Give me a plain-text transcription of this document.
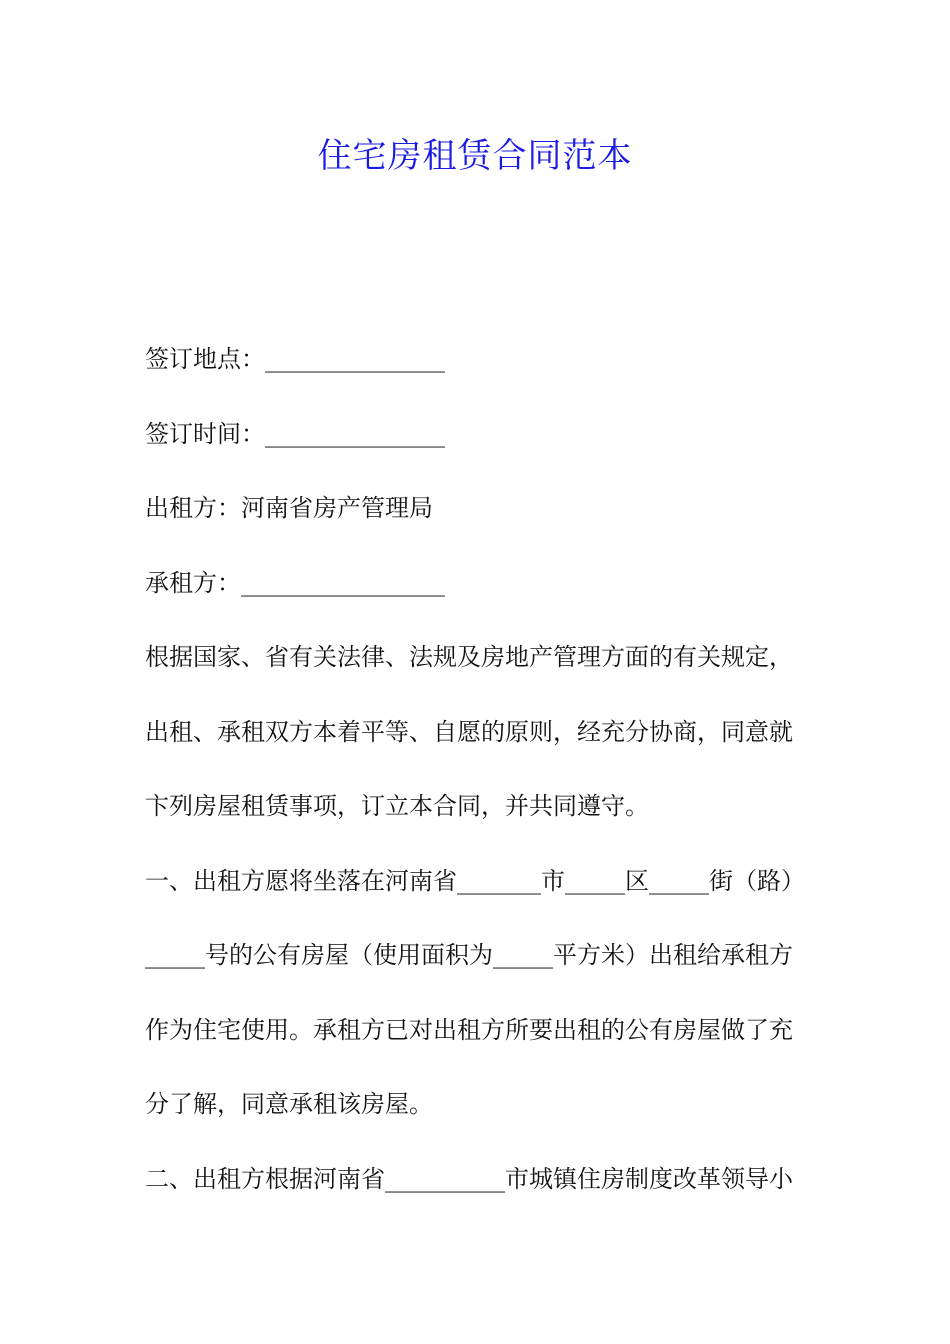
住宅房租赁合同范本
签订地点：_______________
签订时间：_______________
出租方：河南省房产管理局
承租方：_________________
根据国家、省有关法律、法规及房地产管理方面的有关规定，
出租、承租双方本着平等、自愿的原则，经充分协商，同意就
卞列房屋租赁事项，订立本合同，并共同遵守。
一、出租方愿将坐落在河南省_______市_____区_____街（路）
_____号的公有房屋（使用面积为_____平方米）出租给承租方
作为住宅使用。承租方已对出租方所要出租的公有房屋做了充
分了解，同意承租该房屋。
二、出租方根据河南省__________市城镇住房制度改革领导小
